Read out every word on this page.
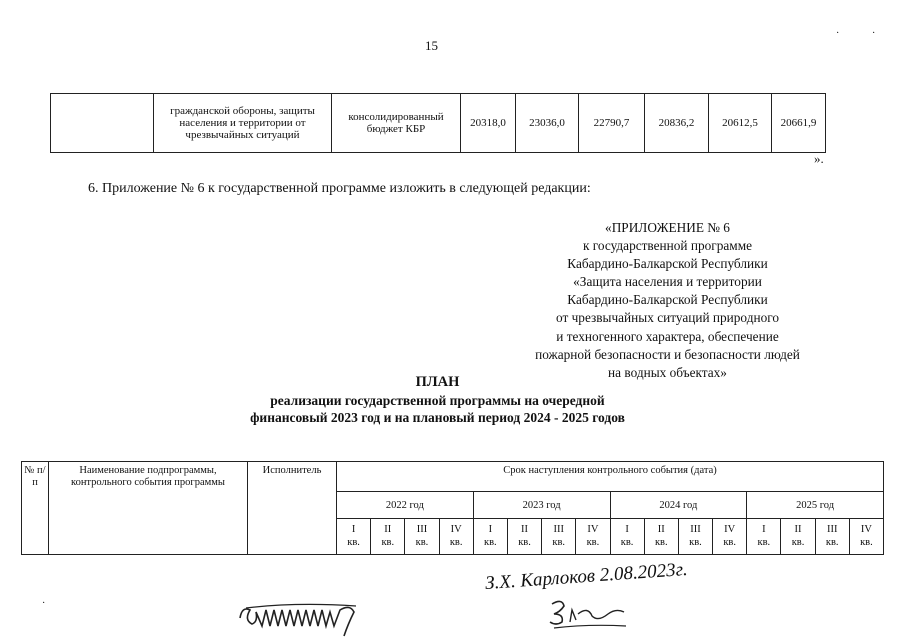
15
·	·
	гражданской обороны, защиты населения и территории от чрезвычайных ситуаций	консолидированный бюджет КБР	20318,0	23036,0	22790,7	20836,2	20612,5	20661,9
».
6. Приложение № 6 к государственной программе изложить в следующей редакции:
«ПРИЛОЖЕНИЕ № 6
к государственной программе
Кабардино-Балкарской Республики
«Защита населения и территории
Кабардино-Балкарской Республики
от чрезвычайных ситуаций природного
и техногенного характера, обеспечение
пожарной безопасности и безопасности людей
на водных объектах»
ПЛАН
реализации государственной программы на очередной
финансовый 2023 год и на плановый период 2024 - 2025 годов
№ п/п	Наименование подпрограммы, контрольного события программы	Исполнитель	Срок наступления контрольного события (дата)															
			2022 год				2023 год				2024 год				2025 год			
			I
кв.	II
кв.	III
кв.	IV
кв.	I
кв.	II
кв.	III
кв.	IV
кв.	I
кв.	II
кв.	III
кв.	IV
кв.	I
кв.	II
кв.	III
кв.	IV
кв.
З.Х. Карлоков 2.08.2023г.
·
